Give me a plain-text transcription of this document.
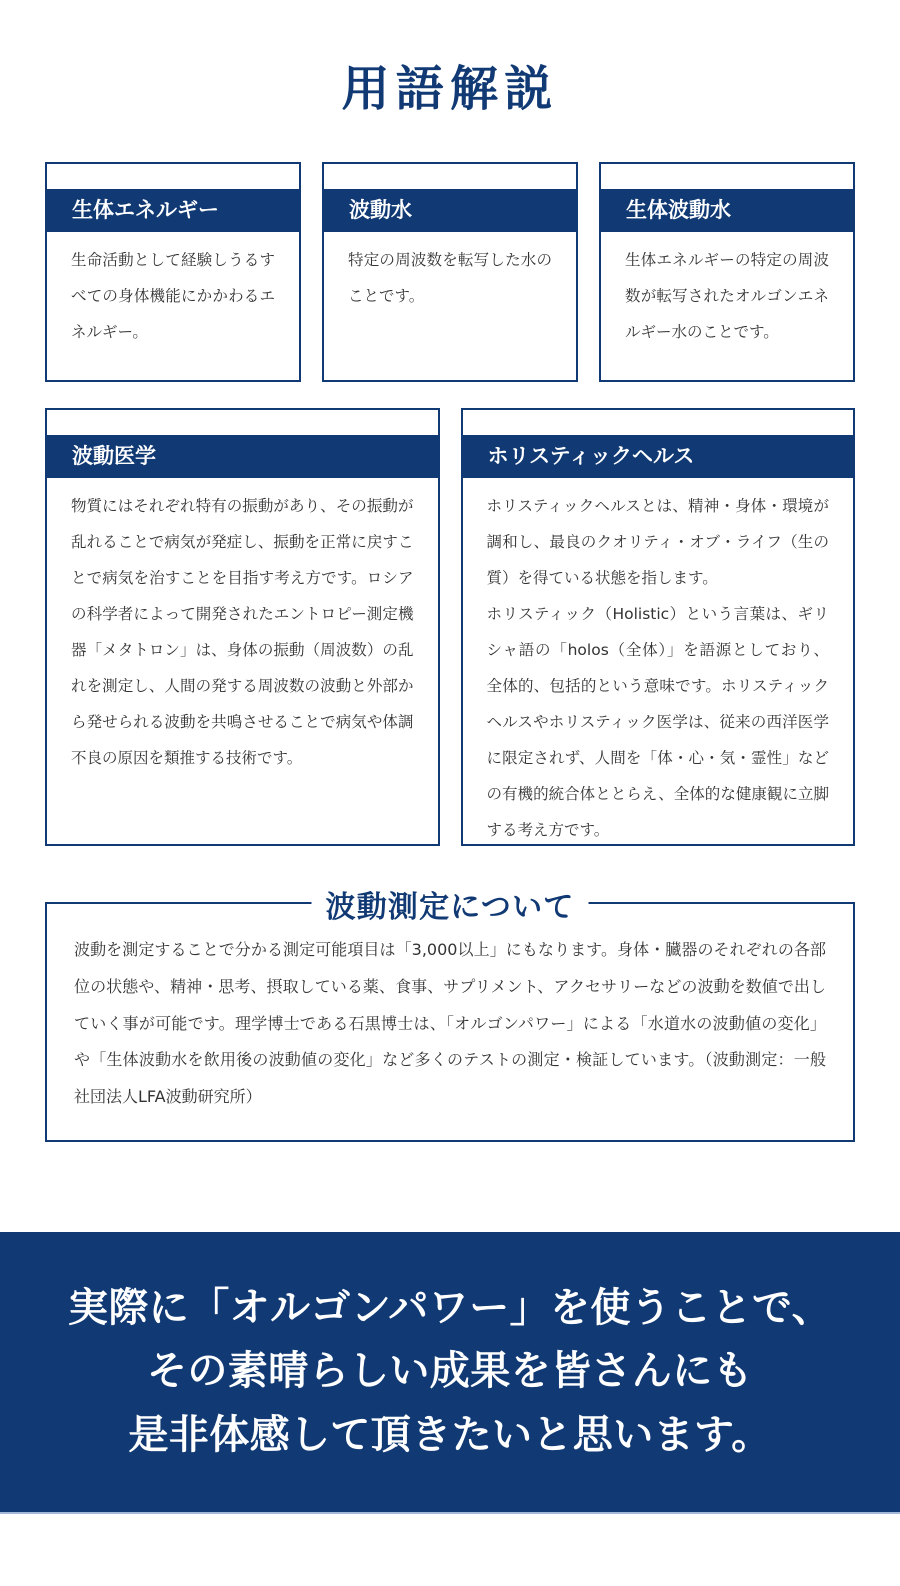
用語解説
生体エネルギー

生命活動として経験しうるすべての身体機能にかかわるエネルギー。

波動水

特定の周波数を転写した水のことです。

生体波動水

生体エネルギーの特定の周波数が転写されたオルゴンエネルギー水のことです。

波動医学

物質にはそれぞれ特有の振動があり、その振動が乱れることで病気が発症し、振動を正常に戻すことで病気を治すことを目指す考え方です。ロシアの科学者によって開発されたエントロピー測定機器「メタトロン」は、身体の振動（周波数）の乱れを測定し、人間の発する周波数の波動と外部から発せられる波動を共鳴させることで病気や体調不良の原因を類推する技術です。

ホリスティックヘルス

ホリスティックヘルスとは、精神・身体・環境が調和し、最良のクオリティ・オブ・ライフ（生の質）を得ている状態を指します。

ホリスティック（Holistic）という言葉は、ギリシャ語の「holos（全体）」を語源としており、全体的、包括的という意味です。ホリスティックヘルスやホリスティック医学は、従来の西洋医学に限定されず、人間を「体・心・気・霊性」などの有機的統合体ととらえ、全体的な健康観に立脚する考え方です。

波動測定について

波動を測定することで分かる測定可能項目は「3,000以上」にもなります。身体・臓器のそれぞれの各部位の状態や、精神・思考、摂取している薬、食事、サプリメント、アクセサリーなどの波動を数値で出していく事が可能です。理学博士である石黒博士は、「オルゴンパワー」による「水道水の波動値の変化」や「生体波動水を飲用後の波動値の変化」など多くのテストの測定・検証しています。（波動測定：一般社団法人LFA波動研究所）

実際に「オルゴンパワー」を使うことで、
その素晴らしい成果を皆さんにも
是非体感して頂きたいと思います。
